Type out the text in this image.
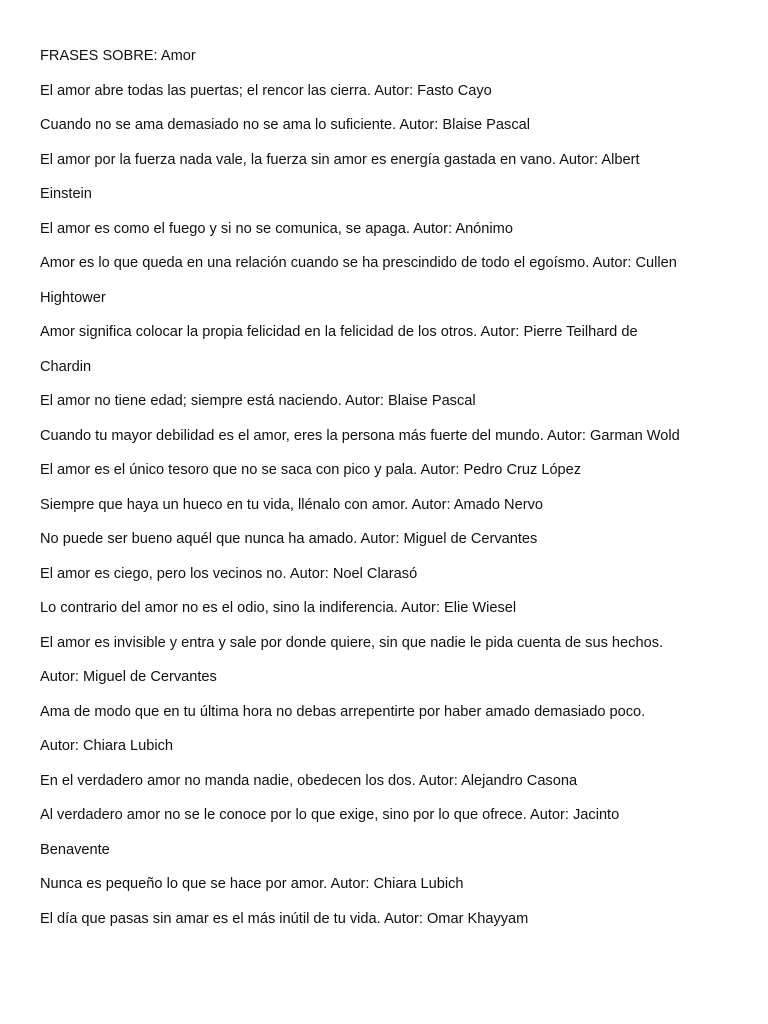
FRASES SOBRE: Amor
El amor abre todas las puertas; el rencor las cierra. Autor: Fasto Cayo
Cuando no se ama demasiado no se ama lo suficiente. Autor: Blaise Pascal
El amor por la fuerza nada vale, la fuerza sin amor es energía gastada en vano. Autor: Albert
Einstein
El amor es como el fuego y si no se comunica, se apaga. Autor: Anónimo
Amor es lo que queda en una relación cuando se ha prescindido de todo el egoísmo. Autor: Cullen
Hightower
Amor significa colocar la propia felicidad en la felicidad de los otros. Autor: Pierre Teilhard de
Chardin
El amor no tiene edad; siempre está naciendo. Autor: Blaise Pascal
Cuando tu mayor debilidad es el amor, eres la persona más fuerte del mundo. Autor: Garman Wold
El amor es el único tesoro que no se saca con pico y pala. Autor: Pedro Cruz López
Siempre que haya un hueco en tu vida, llénalo con amor. Autor: Amado Nervo
No puede ser bueno aquél que nunca ha amado. Autor: Miguel de Cervantes
El amor es ciego, pero los vecinos no. Autor: Noel Clarasó
Lo contrario del amor no es el odio, sino la indiferencia. Autor: Elie Wiesel
El amor es invisible y entra y sale por donde quiere, sin que nadie le pida cuenta de sus hechos.
Autor: Miguel de Cervantes
Ama de modo que en tu última hora no debas arrepentirte por haber amado demasiado poco.
Autor: Chiara Lubich
En el verdadero amor no manda nadie, obedecen los dos. Autor: Alejandro Casona
Al verdadero amor no se le conoce por lo que exige, sino por lo que ofrece. Autor: Jacinto
Benavente
Nunca es pequeño lo que se hace por amor. Autor: Chiara Lubich
El día que pasas sin amar es el más inútil de tu vida. Autor: Omar Khayyam
